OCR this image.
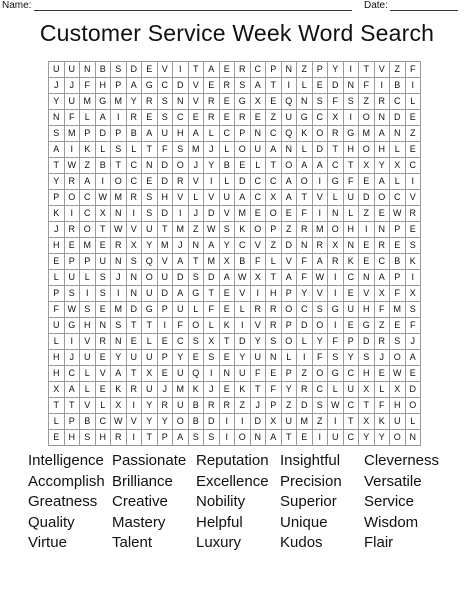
Name:	Date:
Customer Service Week Word Search
U	U	N	B	S	D	E	V	I	T	A	E	R	C	P	N	Z	P	Y	I	T	V	Z	F
J	J	F	H	P	A	G	C	D	V	E	R	S	A	T	I	L	E	D	N	F	I	B	I
Y	U	M	G	M	Y	R	S	N	V	R	E	G	X	E	Q	N	S	F	S	Z	R	C	L
N	F	L	A	I	R	E	S	C	E	R	E	R	E	Z	U	G	C	X	I	O	N	D	E
S	M	P	D	P	B	A	U	H	A	L	C	P	N	C	Q	K	O	R	G	M	A	N	Z
A	I	K	L	S	L	T	F	S	M	J	L	O	U	A	N	L	D	T	H	O	H	L	E
T	W	Z	B	T	C	N	D	O	J	Y	B	E	L	T	O	A	A	C	T	X	Y	X	C
Y	R	A	I	O	C	E	D	R	V	I	L	D	C	C	A	O	I	G	F	E	A	L	I
P	O	C	W	M	R	S	H	V	L	V	U	A	C	X	A	T	V	L	U	D	O	C	V
K	I	C	X	N	I	S	D	I	J	D	V	M	E	O	E	F	I	N	L	Z	E	W	R
J	R	O	T	W	V	U	T	M	Z	W	S	K	O	P	Z	R	M	O	H	I	N	P	E
H	E	M	E	R	X	Y	M	J	N	A	Y	C	V	Z	D	N	R	X	N	E	R	E	S
E	P	P	U	N	S	Q	V	A	T	M	X	B	F	L	V	F	A	R	K	E	C	B	K
L	U	L	S	J	N	O	U	D	S	D	A	W	X	T	A	F	W	I	C	N	A	P	I
P	S	I	S	I	N	U	D	A	G	T	E	V	I	H	P	Y	V	I	E	V	X	F	X
F	W	S	E	M	D	G	P	U	L	F	E	L	R	R	O	C	S	G	U	H	F	M	S
U	G	H	N	S	T	T	I	F	O	L	K	I	V	R	P	D	O	I	E	G	Z	E	F
L	I	V	R	N	E	L	E	C	S	X	T	D	Y	S	O	L	Y	F	P	D	R	S	J
H	J	U	E	Y	U	U	P	Y	E	S	E	Y	U	N	L	I	F	S	Y	S	J	O	A
H	C	L	V	A	T	X	E	U	Q	I	N	U	F	E	P	Z	O	G	C	H	E	W	E
X	A	L	E	K	R	U	J	M	K	J	E	K	T	F	Y	R	C	L	U	X	L	X	D
T	T	V	L	X	I	Y	R	U	B	R	R	Z	J	P	Z	D	S	W	C	T	F	H	O
L	P	B	C	W	V	Y	Y	O	B	D	I	I	D	X	U	M	Z	I	T	X	K	U	L
E	H	S	H	R	I	T	P	A	S	S	I	O	N	A	T	E	I	U	C	Y	Y	O	N
Intelligence Passionate Reputation Insightful	Cleverness
Accomplish Brilliance	Excellence Precision	Versatile
Greatness Creative	Nobility	Superior	Service
Quality	Mastery	Helpful	Unique	Wisdom
Virtue	Talent	Luxury	Kudos	Flair
